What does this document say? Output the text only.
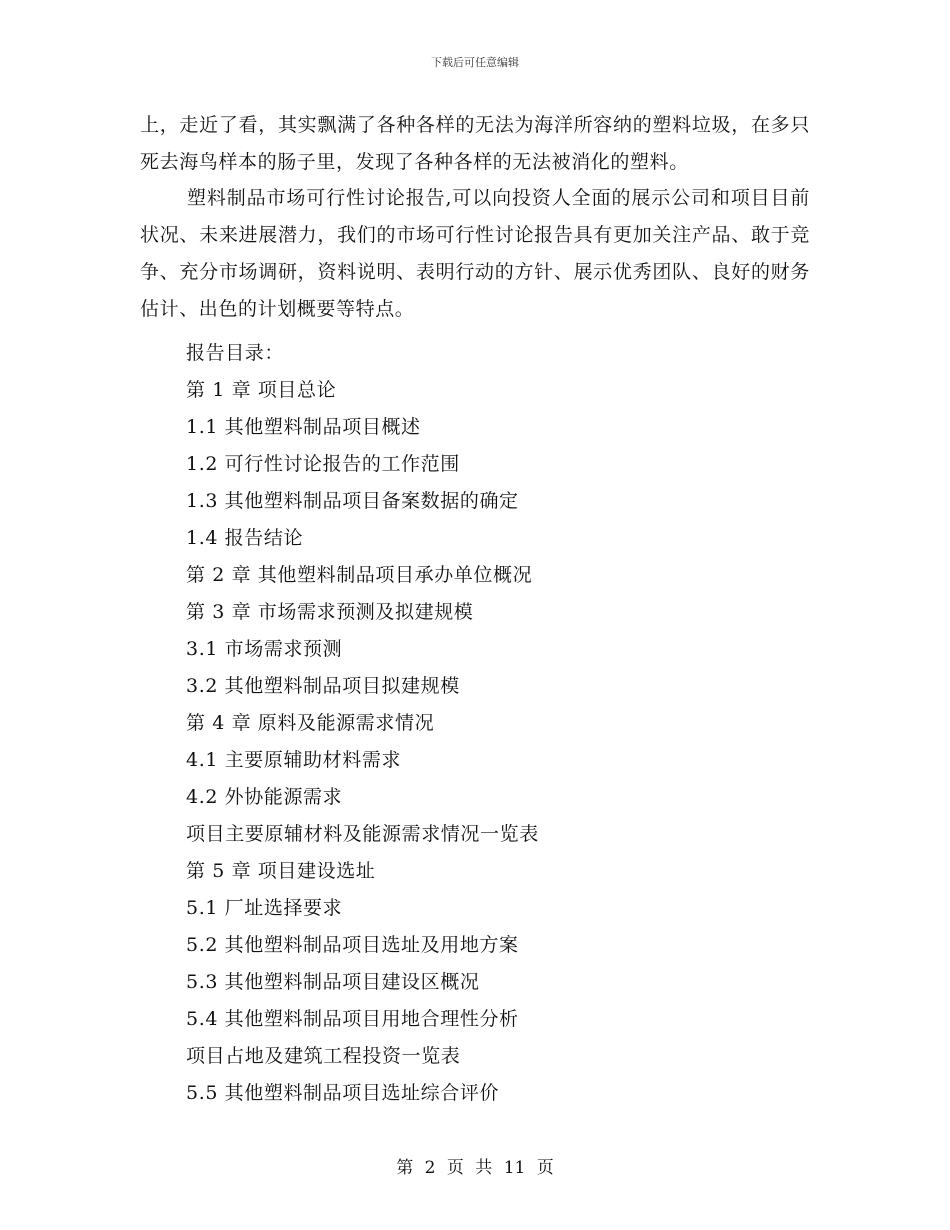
下载后可任意编辑

上，走近了看，其实飘满了各种各样的无法为海洋所容纳的塑料垃圾，在多只死去海鸟样本的肠子里，发现了各种各样的无法被消化的塑料。

塑料制品市场可行性讨论报告,可以向投资人全面的展示公司和项目目前状况、未来进展潜力，我们的市场可行性讨论报告具有更加关注产品、敢于竞争、充分市场调研，资料说明、表明行动的方针、展示优秀团队、良好的财务估计、出色的计划概要等特点。

报告目录：
第 1 章 项目总论
1.1 其他塑料制品项目概述
1.2 可行性讨论报告的工作范围
1.3 其他塑料制品项目备案数据的确定
1.4 报告结论
第 2 章 其他塑料制品项目承办单位概况
第 3 章 市场需求预测及拟建规模
3.1 市场需求预测
3.2 其他塑料制品项目拟建规模
第 4 章 原料及能源需求情况
4.1 主要原辅助材料需求
4.2 外协能源需求
项目主要原辅材料及能源需求情况一览表
第 5 章 项目建设选址
5.1 厂址选择要求
5.2 其他塑料制品项目选址及用地方案
5.3 其他塑料制品项目建设区概况
5.4 其他塑料制品项目用地合理性分析
项目占地及建筑工程投资一览表
5.5 其他塑料制品项目选址综合评价
第 2 页 共 11 页
